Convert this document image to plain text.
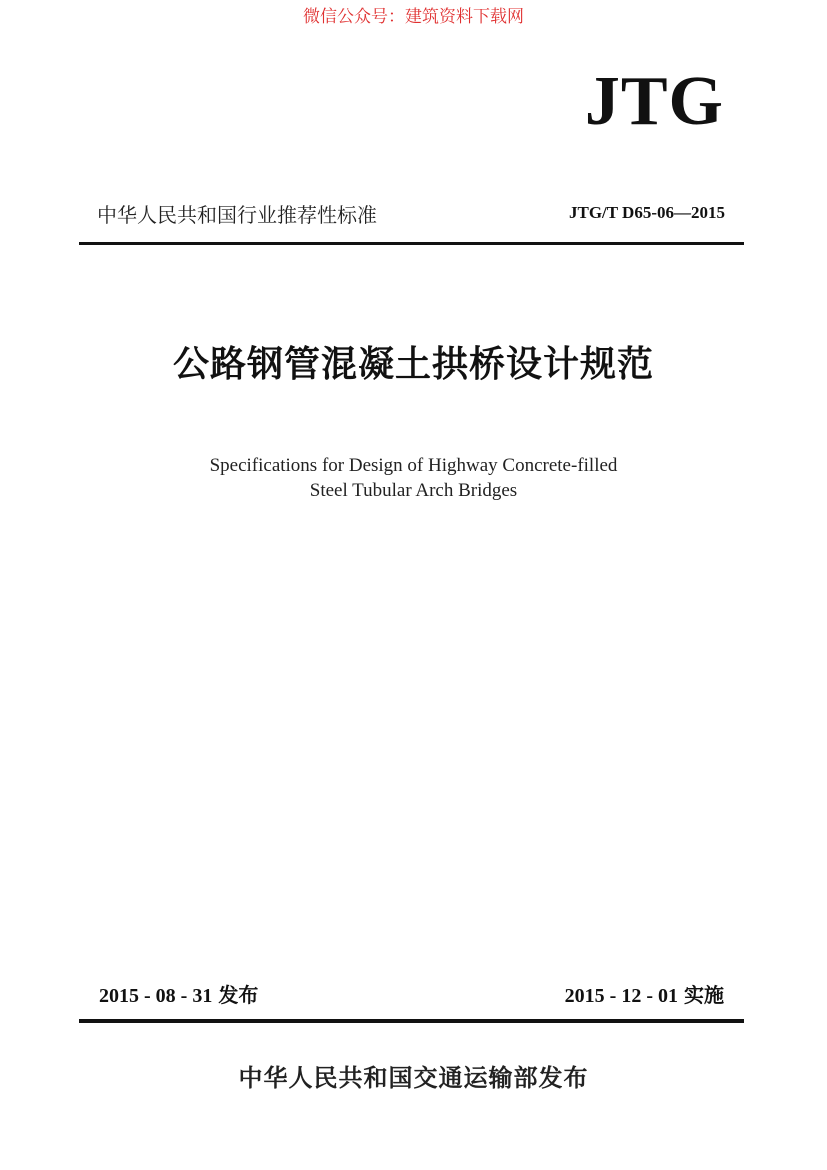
微信公众号：建筑资料下载网
JTG
中华人民共和国行业推荐性标准	JTG/T D65-06—2015
公路钢管混凝土拱桥设计规范
Specifications for Design of Highway Concrete-filled
Steel Tubular Arch Bridges
2015 - 08 - 31 发布	2015 - 12 - 01 实施
中华人民共和国交通运输部发布
